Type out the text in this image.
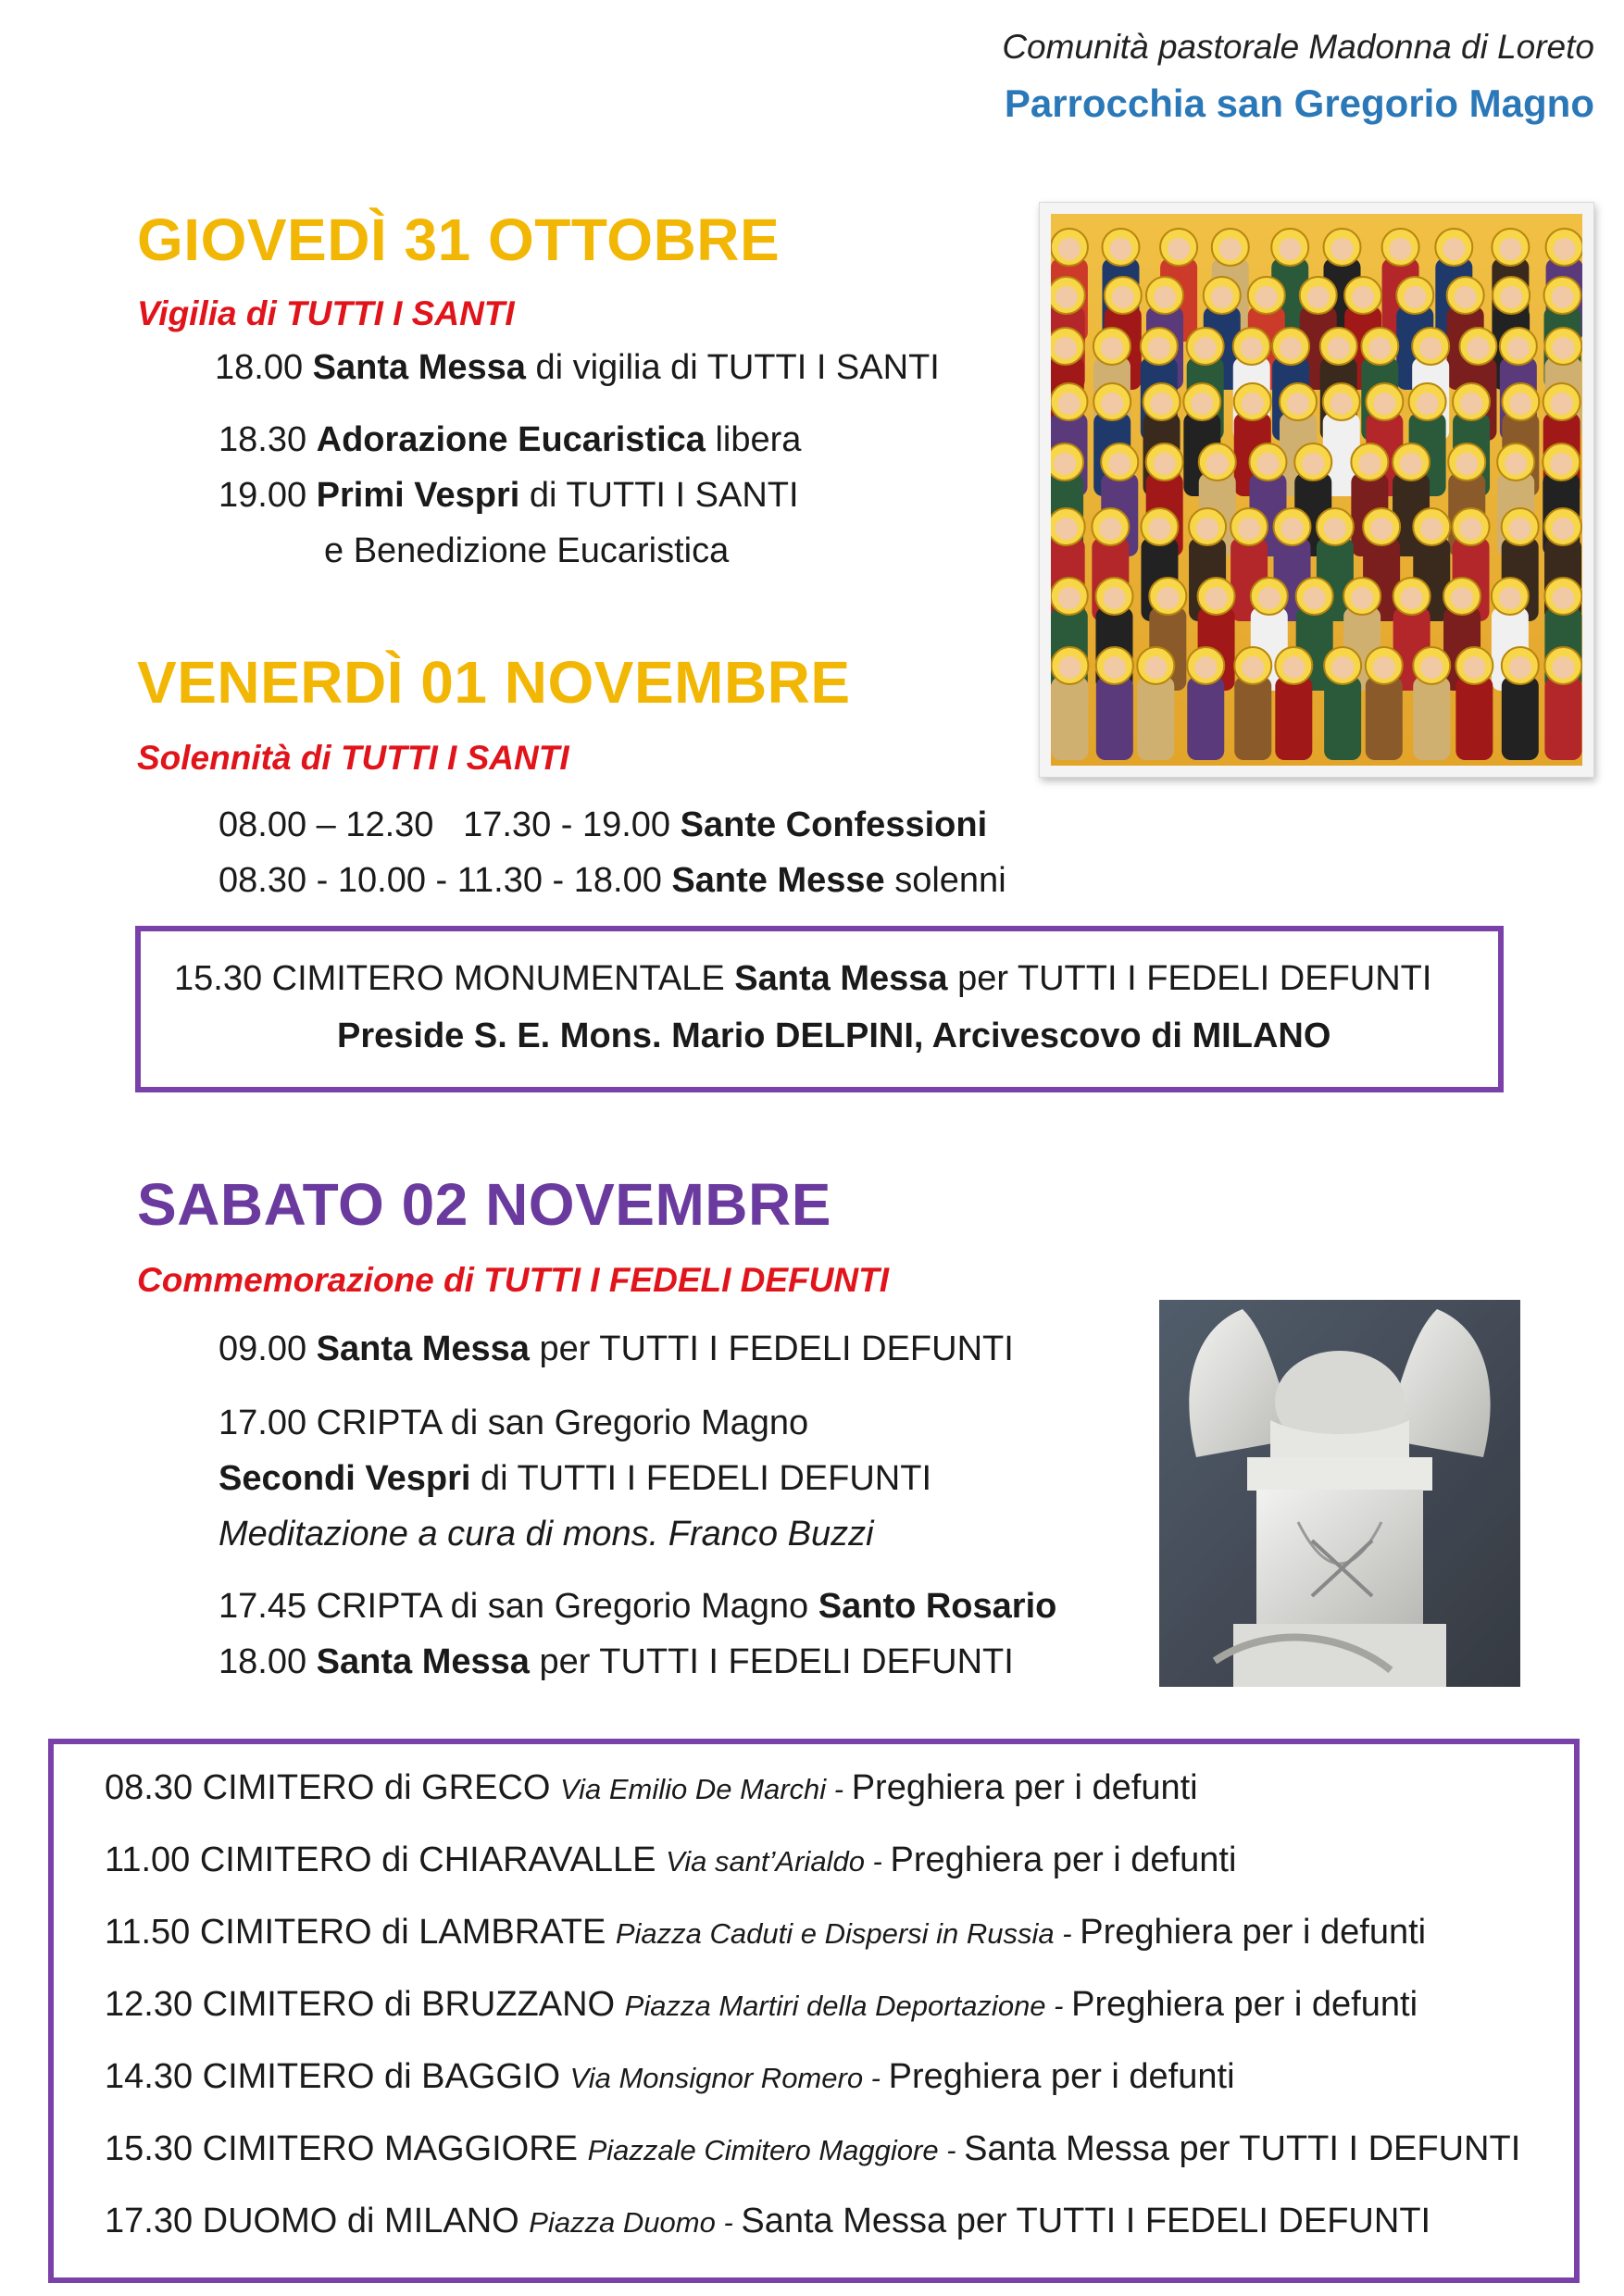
Comunità pastorale Madonna di Loreto
Parrocchia san Gregorio Magno
GIOVEDÌ 31 OTTOBRE
Vigilia di TUTTI I SANTI
18.00 Santa Messa di vigilia di TUTTI I SANTI
18.30 Adorazione Eucaristica libera
19.00 Primi Vespri di TUTTI I SANTI
e Benedizione Eucaristica
VENERDÌ 01 NOVEMBRE
Solennità di TUTTI I SANTI
08.00 – 12.30   17.30 - 19.00 Sante Confessioni
08.30 - 10.00 - 11.30 - 18.00 Sante Messe solenni
15.30 CIMITERO MONUMENTALE Santa Messa per TUTTI I FEDELI DEFUNTI
Preside S. E. Mons. Mario DELPINI, Arcivescovo di MILANO
SABATO 02 NOVEMBRE
Commemorazione di TUTTI I FEDELI DEFUNTI
09.00 Santa Messa per TUTTI I FEDELI DEFUNTI
17.00 CRIPTA di san Gregorio Magno
Secondi Vespri di TUTTI I FEDELI DEFUNTI
Meditazione a cura di mons. Franco Buzzi
17.45 CRIPTA di san Gregorio Magno Santo Rosario
18.00 Santa Messa per TUTTI I FEDELI DEFUNTI
08.30 CIMITERO di GRECO Via Emilio De Marchi - Preghiera per i defunti
11.00 CIMITERO di CHIARAVALLE Via sant’Arialdo - Preghiera per i defunti
11.50 CIMITERO di LAMBRATE Piazza Caduti e Dispersi in Russia - Preghiera per i defunti
12.30 CIMITERO di BRUZZANO Piazza Martiri della Deportazione - Preghiera per i defunti
14.30 CIMITERO di BAGGIO Via Monsignor Romero - Preghiera per i defunti
15.30 CIMITERO MAGGIORE Piazzale Cimitero Maggiore - Santa Messa per TUTTI I DEFUNTI
17.30 DUOMO di MILANO Piazza Duomo - Santa Messa per TUTTI I FEDELI DEFUNTI
